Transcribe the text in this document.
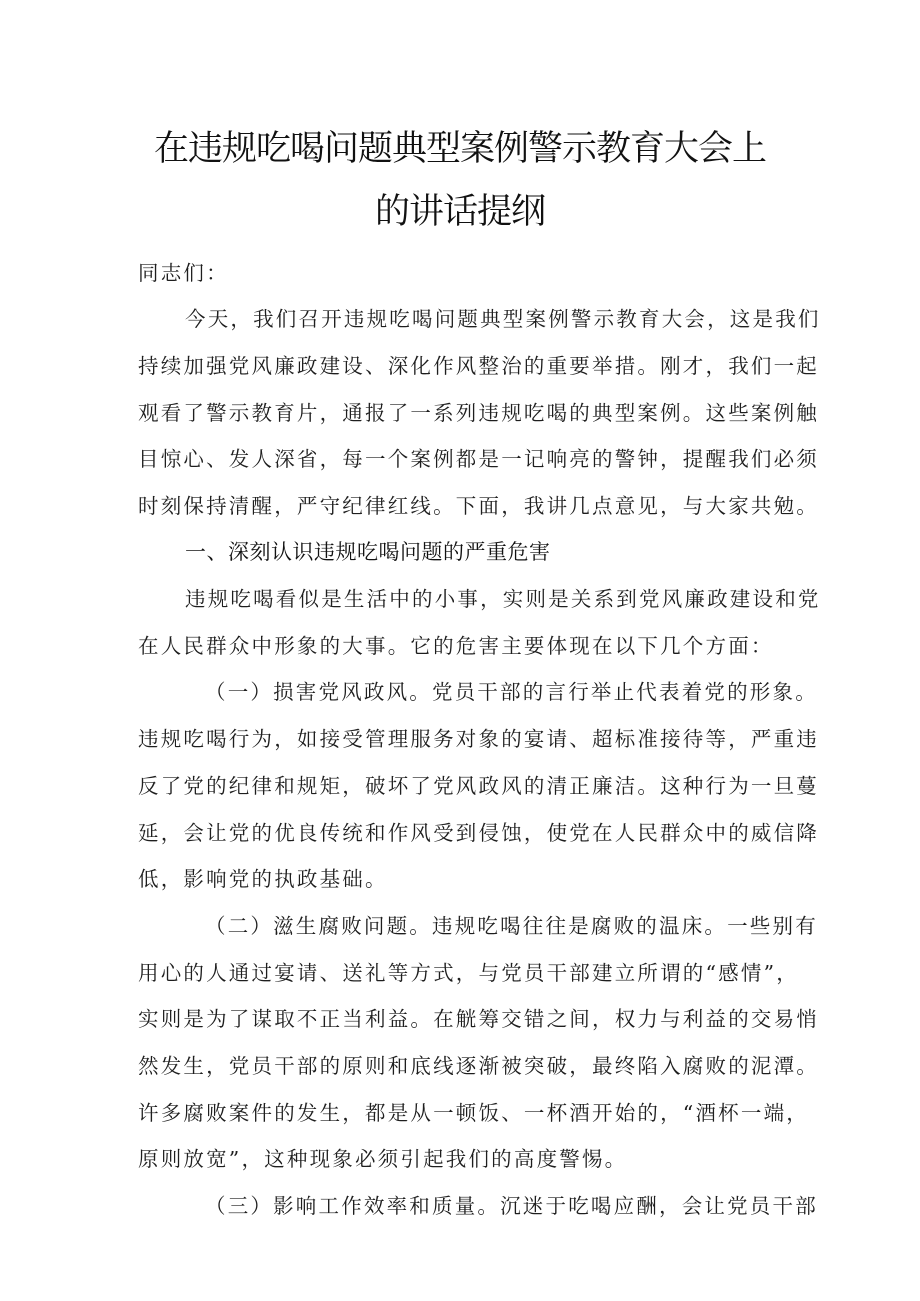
在违规吃喝问题典型案例警示教育大会上
的讲话提纲
同志们：
今天，我们召开违规吃喝问题典型案例警示教育大会，这是我们
持续加强党风廉政建设、深化作风整治的重要举措。刚才，我们一起
观看了警示教育片，通报了一系列违规吃喝的典型案例。这些案例触
目惊心、发人深省，每一个案例都是一记响亮的警钟，提醒我们必须
时刻保持清醒，严守纪律红线。下面，我讲几点意见，与大家共勉。
一、深刻认识违规吃喝问题的严重危害
违规吃喝看似是生活中的小事，实则是关系到党风廉政建设和党
在人民群众中形象的大事。它的危害主要体现在以下几个方面：
（一）损害党风政风。党员干部的言行举止代表着党的形象。
违规吃喝行为，如接受管理服务对象的宴请、超标准接待等，严重违
反了党的纪律和规矩，破坏了党风政风的清正廉洁。这种行为一旦蔓
延，会让党的优良传统和作风受到侵蚀，使党在人民群众中的威信降
低，影响党的执政基础。
（二）滋生腐败问题。违规吃喝往往是腐败的温床。一些别有
用心的人通过宴请、送礼等方式，与党员干部建立所谓的“感情”，
实则是为了谋取不正当利益。在觥筹交错之间，权力与利益的交易悄
然发生，党员干部的原则和底线逐渐被突破，最终陷入腐败的泥潭。
许多腐败案件的发生，都是从一顿饭、一杯酒开始的，“酒杯一端，
原则放宽”，这种现象必须引起我们的高度警惕。
（三）影响工作效率和质量。沉迷于吃喝应酬，会让党员干部
